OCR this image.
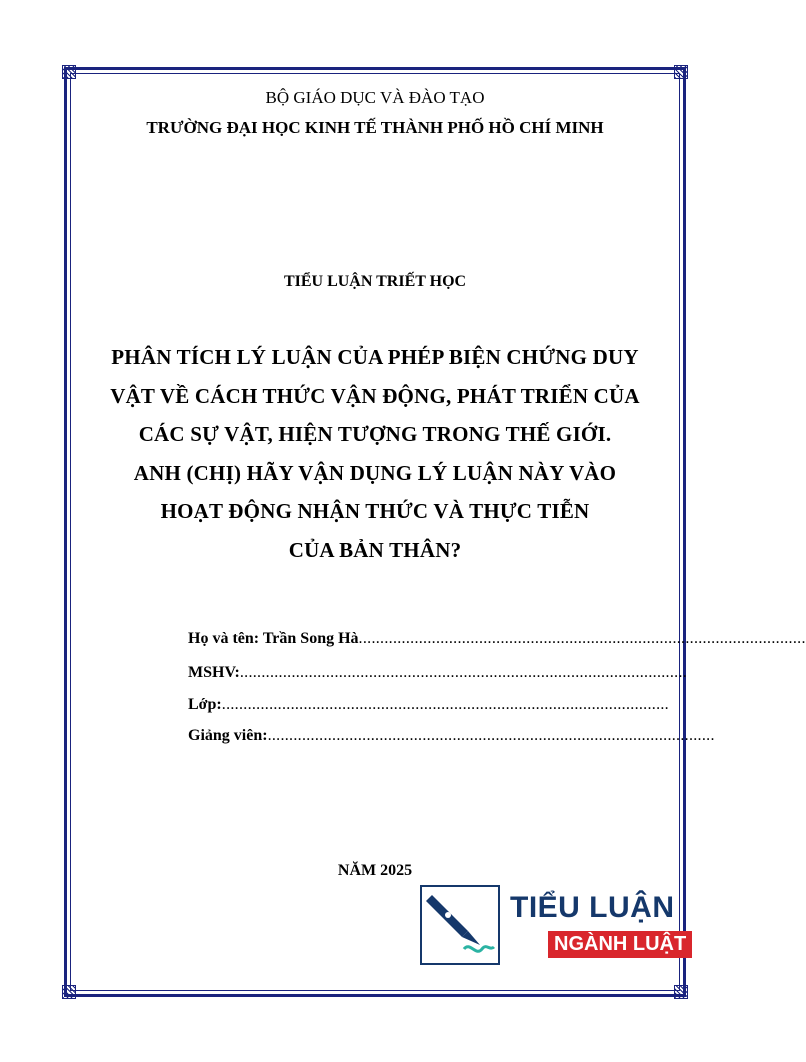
BỘ GIÁO DỤC VÀ ĐÀO TẠO
TRƯỜNG ĐẠI HỌC KINH TẾ THÀNH PHỐ HỒ CHÍ MINH
TIỂU LUẬN TRIẾT HỌC
PHÂN TÍCH LÝ LUẬN CỦA PHÉP BIỆN CHỨNG DUY
VẬT VỀ CÁCH THỨC VẬN ĐỘNG, PHÁT TRIỂN CỦA
CÁC SỰ VẬT, HIỆN TƯỢNG TRONG THẾ GIỚI.
ANH (CHỊ) HÃY VẬN DỤNG LÝ LUẬN NÀY VÀO
HOẠT ĐỘNG NHẬN THỨC VÀ THỰC TIỄN
CỦA BẢN THÂN?
Họ và tên: Trần Song Hà ........................................................................................................
MSHV: ........................................................................................................
Lớp: ........................................................................................................
Giảng viên: ........................................................................................................
NĂM 2025
TIỂU LUẬN
NGÀNH LUẬT
